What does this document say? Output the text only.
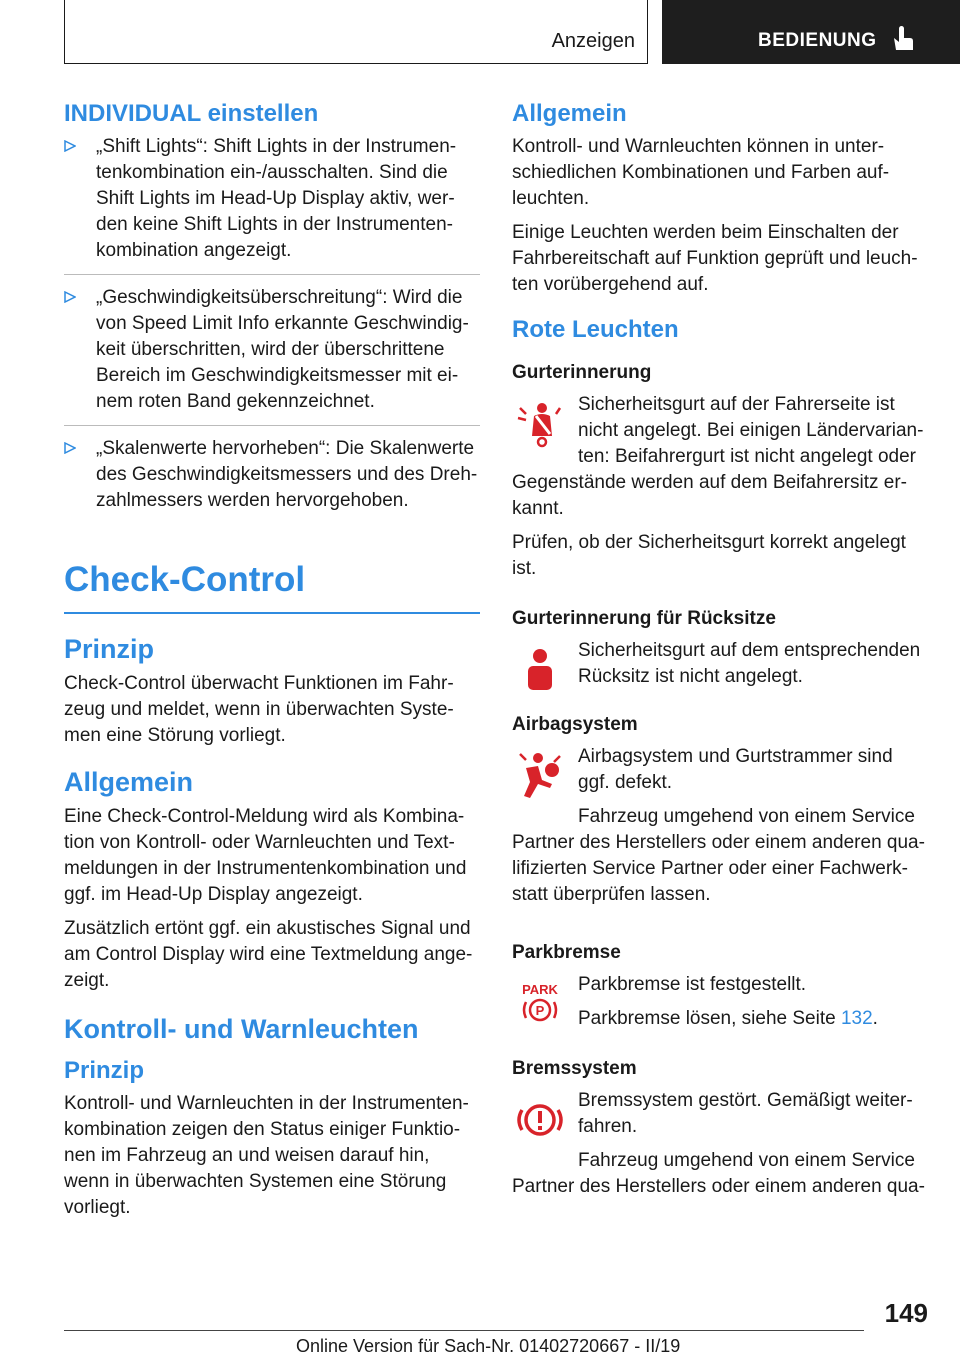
Anzeigen	BEDIENUNG
INDIVIDUAL einstellen

„Shift Lights“: Shift Lights in der Instrumen-tenkombination ein-/ausschalten. Sind die Shift Lights im Head-Up Display aktiv, wer-den keine Shift Lights in der Instrumenten-kombination angezeigt.

„Geschwindigkeitsüberschreitung“: Wird die von Speed Limit Info erkannte Geschwindig-keit überschritten, wird der überschrittene Bereich im Geschwindigkeitsmesser mit ei-nem roten Band gekennzeichnet.

„Skalenwerte hervorheben“: Die Skalenwerte des Geschwindigkeitsmessers und des Dreh-zahlmessers werden hervorgehoben.

Check-Control
Prinzip

Check-Control überwacht Funktionen im Fahr-zeug und meldet, wenn in überwachten Syste-men eine Störung vorliegt.

Allgemein

Eine Check-Control-Meldung wird als Kombina-tion von Kontroll- oder Warnleuchten und Text-meldungen in der Instrumentenkombination und ggf. im Head-Up Display angezeigt.

Zusätzlich ertönt ggf. ein akustisches Signal und am Control Display wird eine Textmeldung ange-zeigt.

Kontroll- und Warnleuchten
Prinzip

Kontroll- und Warnleuchten in der Instrumenten-kombination zeigen den Status einiger Funktio-nen im Fahrzeug an und weisen darauf hin, wenn in überwachten Systemen eine Störung vorliegt.

Allgemein

Kontroll- und Warnleuchten können in unter-schiedlichen Kombinationen und Farben auf-leuchten.

Einige Leuchten werden beim Einschalten der Fahrbereitschaft auf Funktion geprüft und leuch-ten vorübergehend auf.

Rote Leuchten
Gurterinnerung

Sicherheitsgurt auf der Fahrerseite ist nicht angelegt. Bei einigen Ländervarian-ten: Beifahrergurt ist nicht angelegt oder

Gegenstände werden auf dem Beifahrersitz er-kannt.

Prüfen, ob der Sicherheitsgurt korrekt angelegt ist.

Gurterinnerung für Rücksitze

Sicherheitsgurt auf dem entsprechenden Rücksitz ist nicht angelegt.

Airbagsystem

Airbagsystem und Gurtstrammer sind ggf. defekt.

Fahrzeug umgehend von einem Service

Partner des Herstellers oder einem anderen qua-lifizierten Service Partner oder einer Fachwerk-statt überprüfen lassen.

Parkbremse
PARK
P

Parkbremse ist festgestellt.

Parkbremse lösen, siehe Seite 132.

Bremssystem

Bremssystem gestört. Gemäßigt weiter-fahren.

Fahrzeug umgehend von einem Service

Partner des Herstellers oder einem anderen qua-

149
Online Version für Sach-Nr. 01402720667 - II/19
